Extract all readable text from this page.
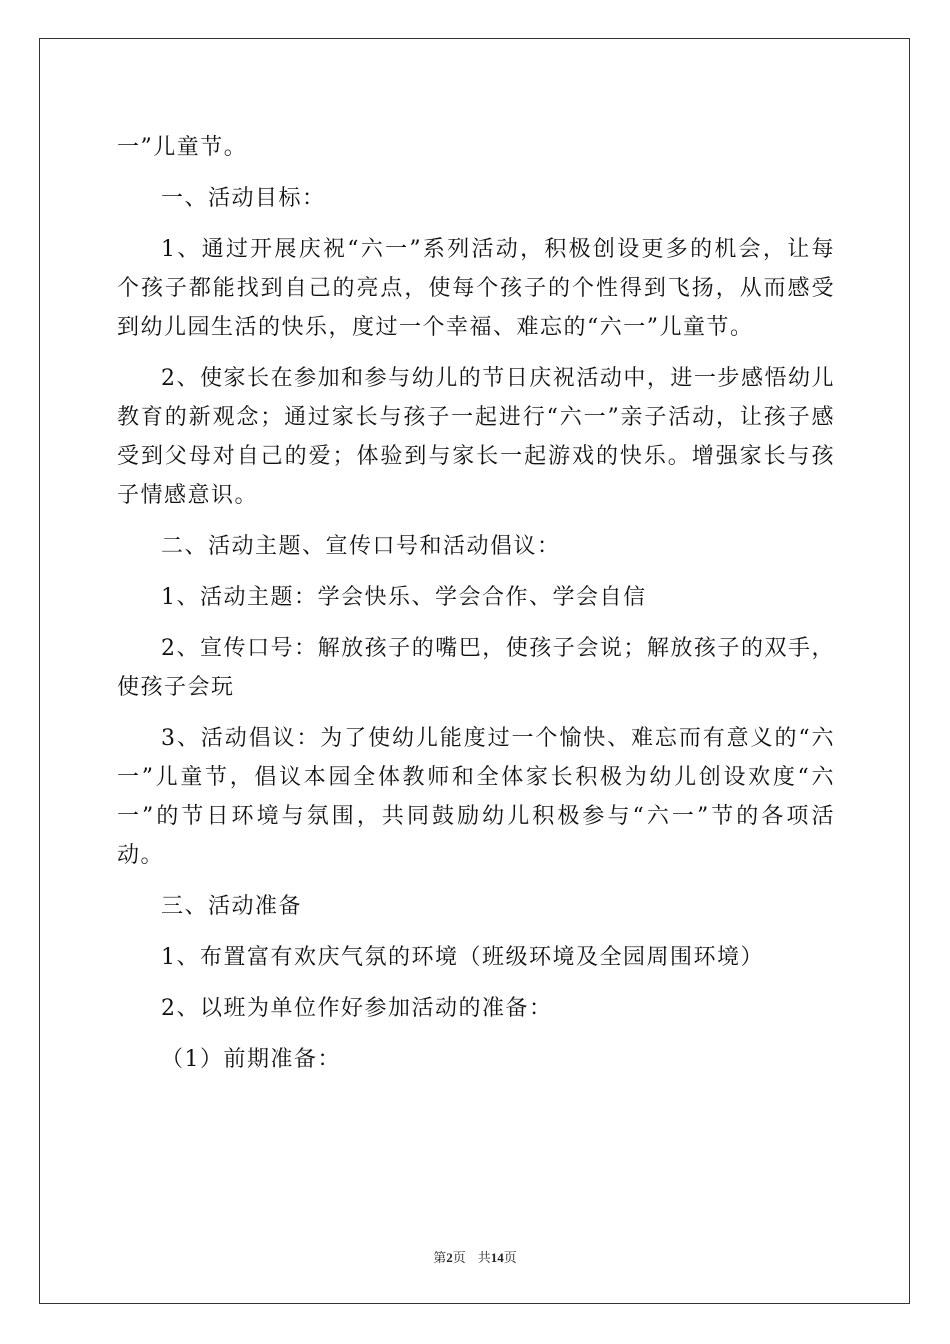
一”儿童节。

一、活动目标：

1、通过开展庆祝“六一”系列活动，积极创设更多的机会，让每个孩子都能找到自己的亮点，使每个孩子的个性得到飞扬，从而感受到幼儿园生活的快乐，度过一个幸福、难忘的“六一”儿童节。

2、使家长在参加和参与幼儿的节日庆祝活动中，进一步感悟幼儿教育的新观念；通过家长与孩子一起进行“六一”亲子活动，让孩子感受到父母对自己的爱；体验到与家长一起游戏的快乐。增强家长与孩子情感意识。

二、活动主题、宣传口号和活动倡议：

1、活动主题：学会快乐、学会合作、学会自信

2、宣传口号：解放孩子的嘴巴，使孩子会说；解放孩子的双手，使孩子会玩

3、活动倡议：为了使幼儿能度过一个愉快、难忘而有意义的“六一”儿童节，倡议本园全体教师和全体家长积极为幼儿创设欢度“六一”的节日环境与氛围，共同鼓励幼儿积极参与“六一”节的各项活动。

三、活动准备

1、布置富有欢庆气氛的环境（班级环境及全园周围环境）

2、以班为单位作好参加活动的准备：

（1）前期准备：

第2页 共14页
